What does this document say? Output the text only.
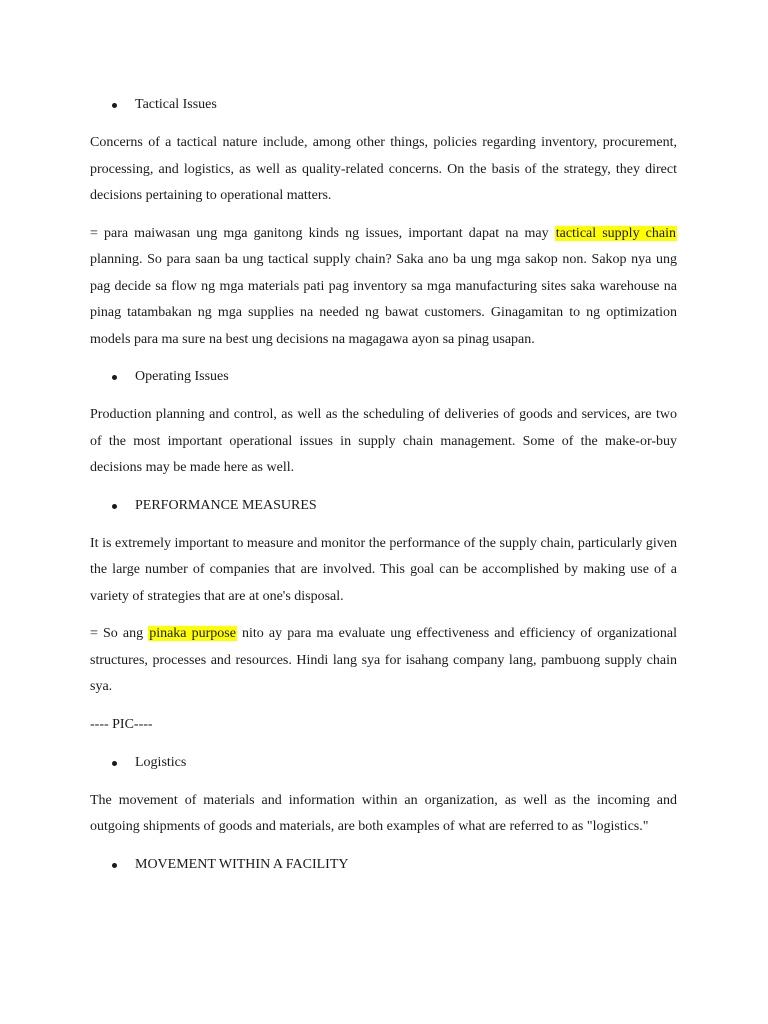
Tactical Issues

Concerns of a tactical nature include, among other things, policies regarding inventory, procurement, processing, and logistics, as well as quality-related concerns. On the basis of the strategy, they direct decisions pertaining to operational matters.

= para maiwasan ung mga ganitong kinds ng issues, important dapat na may tactical supply chain planning. So para saan ba ung tactical supply chain? Saka ano ba ung mga sakop non. Sakop nya ung pag decide sa flow ng mga materials pati pag inventory sa mga manufacturing sites saka warehouse na pinag tatambakan ng mga supplies na needed ng bawat customers. Ginagamitan to ng optimization models para ma sure na best ung decisions na magagawa ayon sa pinag usapan.

Operating Issues

Production planning and control, as well as the scheduling of deliveries of goods and services, are two of the most important operational issues in supply chain management. Some of the make-or-buy decisions may be made here as well.

PERFORMANCE MEASURES

It is extremely important to measure and monitor the performance of the supply chain, particularly given the large number of companies that are involved. This goal can be accomplished by making use of a variety of strategies that are at one's disposal.

= So ang pinaka purpose nito ay para ma evaluate ung effectiveness and efficiency of organizational structures, processes and resources. Hindi lang sya for isahang company lang, pambuong supply chain sya.

---- PIC----
Logistics

The movement of materials and information within an organization, as well as the incoming and outgoing shipments of goods and materials, are both examples of what are referred to as "logistics."

MOVEMENT WITHIN A FACILITY
